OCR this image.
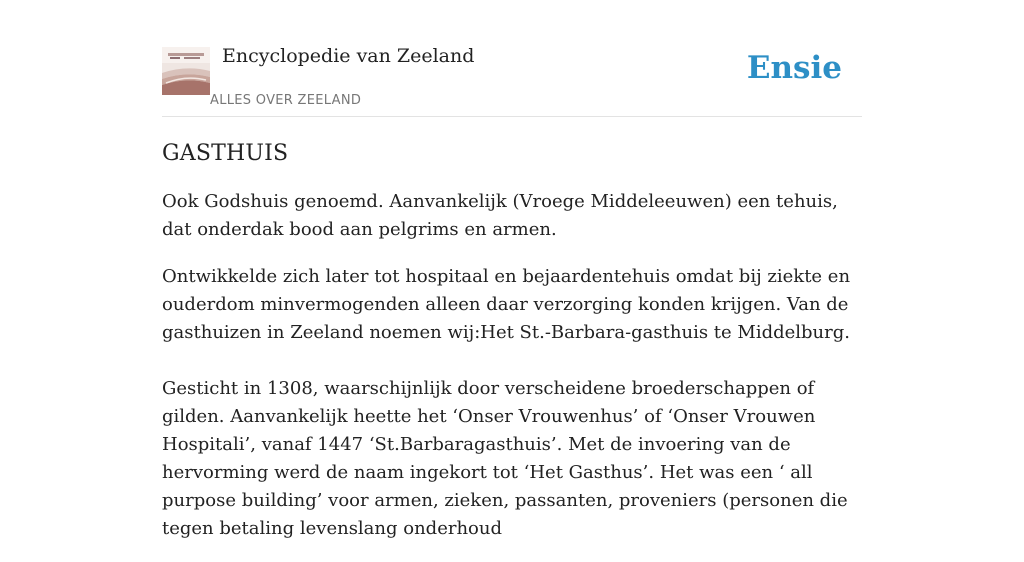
Encyclopedie van Zeeland
ALLES OVER ZEELAND
Ensie
GASTHUIS

Ook Godshuis genoemd. Aanvankelijk (Vroege Middeleeuwen) een tehuis, dat onderdak bood aan pelgrims en armen.

Ontwikkelde zich later tot hospitaal en bejaardentehuis omdat bij ziekte en ouderdom minvermogenden alleen daar verzorging konden krijgen. Van de gasthuizen in Zeeland noemen wij:Het St.-Barbara-gasthuis te Middelburg.

Gesticht in 1308, waarschijnlijk door verscheidene broederschappen of gilden. Aanvankelijk heette het ‘Onser Vrouwenhus’ of ‘Onser Vrouwen Hospitali’, vanaf 1447 ‘St.Barbaragasthuis’. Met de invoering van de hervorming werd de naam ingekort tot ‘Het Gasthus’. Het was een ‘ all purpose building’ voor armen, zieken, passanten, proveniers (personen die tegen betaling levenslang onderhoud
